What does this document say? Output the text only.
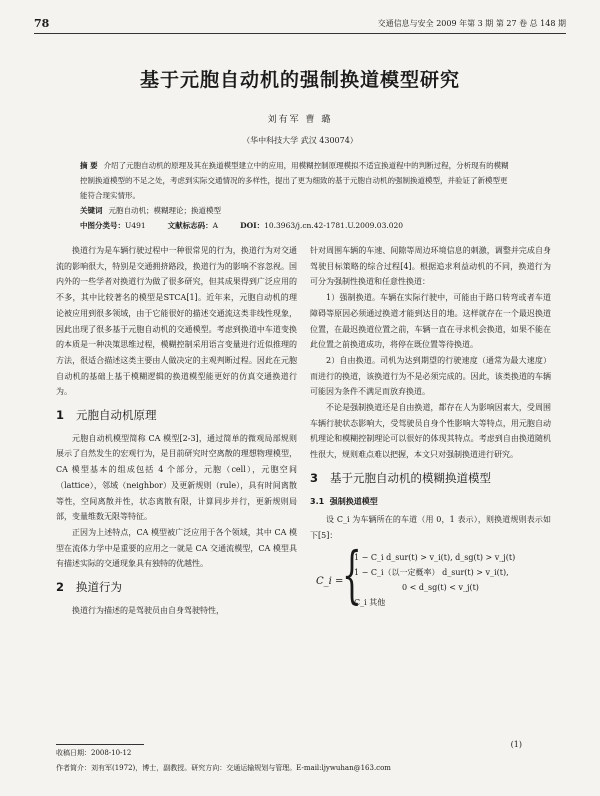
78	交通信息与安全 2009 年第 3 期 第 27 卷 总 148 期
基于元胞自动机的强制换道模型研究
刘有军 曹 璐
（华中科技大学 武汉 430074）
摘 要 介绍了元胞自动机的原理及其在换道模型建立中的应用，用模糊控制原理模拟不适宜换道程中的判断过程，分析现有的模糊控制换道模型的不足之处，考虑到实际交通情况的多样性，提出了更为细致的基于元胞自动机的强制换道模型，并验证了新模型更能符合现实情形。
关键词 元胞自动机；模糊理论；换道模型
中图分类号：U491	文献标志码：A	DOI：10.3963/j.cn.42-1781.U.2009.03.020

换道行为是车辆行驶过程中一种很常见的行为，换道行为对交通流的影响很大，特别是交通拥挤路段，换道行为的影响不容忽视。国内外的一些学者对换道行为做了很多研究，但其成果得到广泛应用的不多，其中比较著名的模型是STCA[1]。近年来，元胞自动机的理论被应用到很多领域，由于它能很好的描述交通流这类非线性现象，因此出现了很多基于元胞自动机的交通模型。考虑到换道中车道变换的本质是一种决策思维过程，模糊控制采用语言变量进行近似推理的方法，很适合描述这类主要由人做决定的主观判断过程。因此在元胞自动机的基础上基于模糊逻辑的换道模型能更好的仿真交通换道行为。

1 元胞自动机原理

元胞自动机模型简称 CA 模型[2-3]，通过简单的微观局部规则展示了自然发生的宏观行为，是目前研究时空离散的理想物理模型，CA 模型基本的组成包括 4 个部分，元胞（cell），元胞空间（lattice），邻域（neighbor）及更新规则（rule），具有时间离散等性，空间离散并性，状态离散有限，计算同步并行，更新规则局部，变量维数无限等特征。

正因为上述特点，CA 模型被广泛应用于各个领域，其中 CA 模型在流体力学中是重要的应用之一就是 CA 交通流模型，CA 模型具有描述实际的交通现象具有独特的优越性。

2 换道行为

换道行为描述的是驾驶员由自身驾驶特性，

针对周围车辆的车速、间隙等周边环境信息的刺激，调整并完成自身驾驶目标策略的综合过程[4]。根据追求利益动机的不同，换道行为可分为强制性换道和任意性换道：

1）强制换道。车辆在实际行驶中，可能由于路口转弯或者车道障碍等原因必须通过换道才能到达目的地。这样就存在一个最迟换道位置，在最迟换道位置之前，车辆一直在寻求机会换道，如果不能在此位置之前换道成功，将停在既位置等待换道。

2）自由换道。司机为达到期望的行驶速度（通常为最大速度）而进行的换道，该换道行为不是必须完成的。因此，该类换道的车辆可能因为条件不满足而放弃换道。

不论是强制换道还是自由换道，都存在人为影响因素大，受周围车辆行驶状态影响大，受驾驶员自身个性影响大等特点，用元胞自动机理论和模糊控制理论可以很好的体现其特点。考虑到自由换道随机性很大，规则难点难以把握，本文只对强制换道进行研究。

3 基于元胞自动机的模糊换道模型
3.1 强制换道模型

设 C_i 为车辆所在的车道（用 0，1 表示），则换道规则表示如下[5]：

C_i =
{
1 − C_i d_sur(t) > v_i(t), d_sg(t) > v_j(t)
1 − C_i（以一定概率） d_sur(t) > v_i(t),
0 < d_sg(t) < v_j(t)
C_i 其他
(1)
收稿日期：2008-10-12
作者简介：刘有军(1972)，博士，副教授。研究方向：交通运输规划与管理。E-mail:ljywuhan@163.com
